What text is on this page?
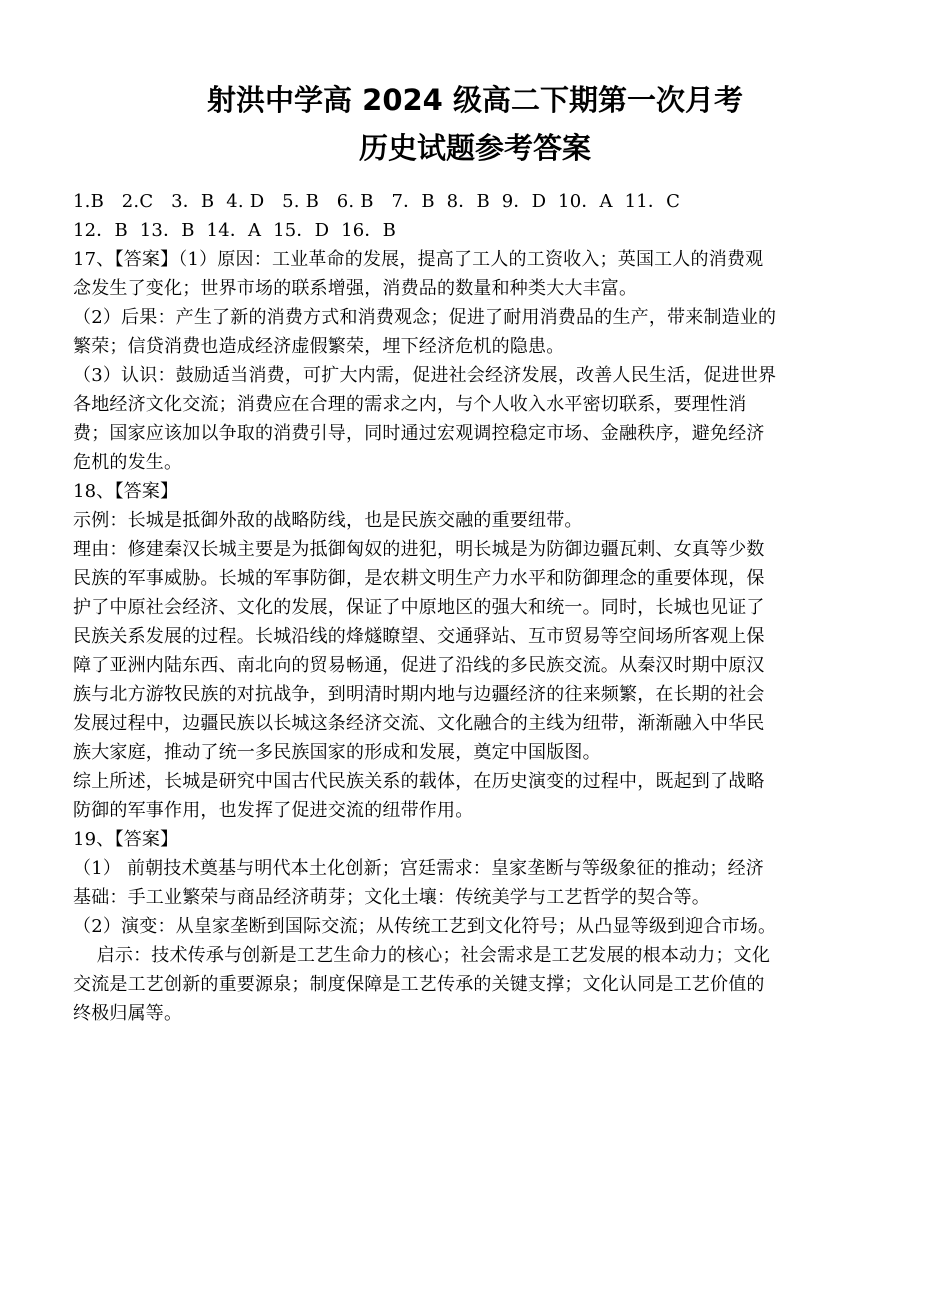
射洪中学高 2024 级高二下期第一次月考
历史试题参考答案
1.B   2.C   3．B  4. D   5. B   6. B   7．B  8．B  9．D  10．A  11．C
12．B  13．B  14．A  15．D  16．B
17、【答案】（1）原因：工业革命的发展，提高了工人的工资收入；英国工人的消费观
念发生了变化；世界市场的联系增强，消费品的数量和种类大大丰富。
（2）后果：产生了新的消费方式和消费观念；促进了耐用消费品的生产，带来制造业的
繁荣；信贷消费也造成经济虚假繁荣，埋下经济危机的隐患。
（3）认识：鼓励适当消费，可扩大内需，促进社会经济发展，改善人民生活，促进世界
各地经济文化交流；消费应在合理的需求之内，与个人收入水平密切联系，要理性消
费；国家应该加以争取的消费引导，同时通过宏观调控稳定市场、金融秩序，避免经济
危机的发生。
18、【答案】
示例：长城是抵御外敌的战略防线，也是民族交融的重要纽带。
理由：修建秦汉长城主要是为抵御匈奴的进犯，明长城是为防御边疆瓦剌、女真等少数
民族的军事威胁。长城的军事防御，是农耕文明生产力水平和防御理念的重要体现，保
护了中原社会经济、文化的发展，保证了中原地区的强大和统一。同时，长城也见证了
民族关系发展的过程。长城沿线的烽燧瞭望、交通驿站、互市贸易等空间场所客观上保
障了亚洲内陆东西、南北向的贸易畅通，促进了沿线的多民族交流。从秦汉时期中原汉
族与北方游牧民族的对抗战争，到明清时期内地与边疆经济的往来频繁，在长期的社会
发展过程中，边疆民族以长城这条经济交流、文化融合的主线为纽带，渐渐融入中华民
族大家庭，推动了统一多民族国家的形成和发展，奠定中国版图。
综上所述，长城是研究中国古代民族关系的载体，在历史演变的过程中，既起到了战略
防御的军事作用，也发挥了促进交流的纽带作用。
19、【答案】
（1） 前朝技术奠基与明代本土化创新；宫廷需求：皇家垄断与等级象征的推动；经济
基础：手工业繁荣与商品经济萌芽；文化土壤：传统美学与工艺哲学的契合等。
（2）演变：从皇家垄断到国际交流；从传统工艺到文化符号；从凸显等级到迎合市场。
启示：技术传承与创新是工艺生命力的核心；社会需求是工艺发展的根本动力；文化
交流是工艺创新的重要源泉；制度保障是工艺传承的关键支撑；文化认同是工艺价值的
终极归属等。
